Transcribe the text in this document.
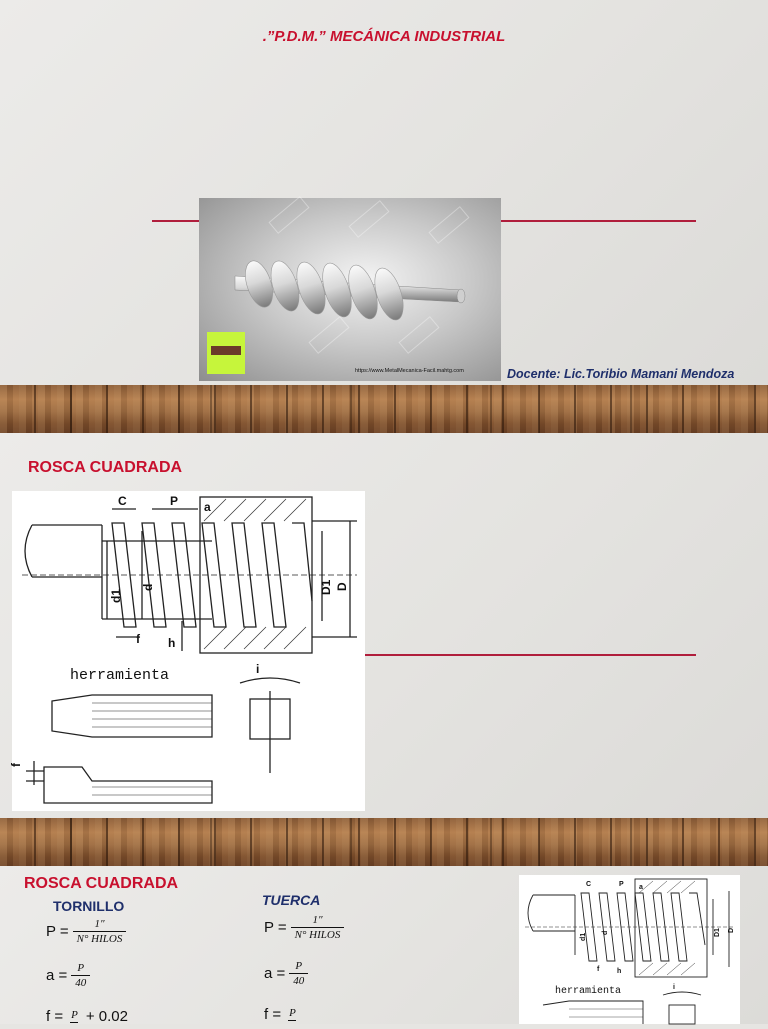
.”P.D.M.” MECÁNICA INDUSTRIAL
https://www.MetalMecanica-Facil.mahtg.com	Docente: Lic.Toribio Mamani Mendoza
ROSCA CUADRADA
C	P a
d1
d	D1 D
f h
i
f
herramienta
ROSCA CUADRADA
TORNILLO	TUERCA
$P = \frac{1''}{\text{N° HILOS}}$
$a = \frac{P}{40}$
f = P + 0.02
$P = \frac{1''}{\text{N° HILOS}}$
$a = \frac{P}{40}$
f = P
C	P a
d1 d	D1 D
f	h
i
herramienta
